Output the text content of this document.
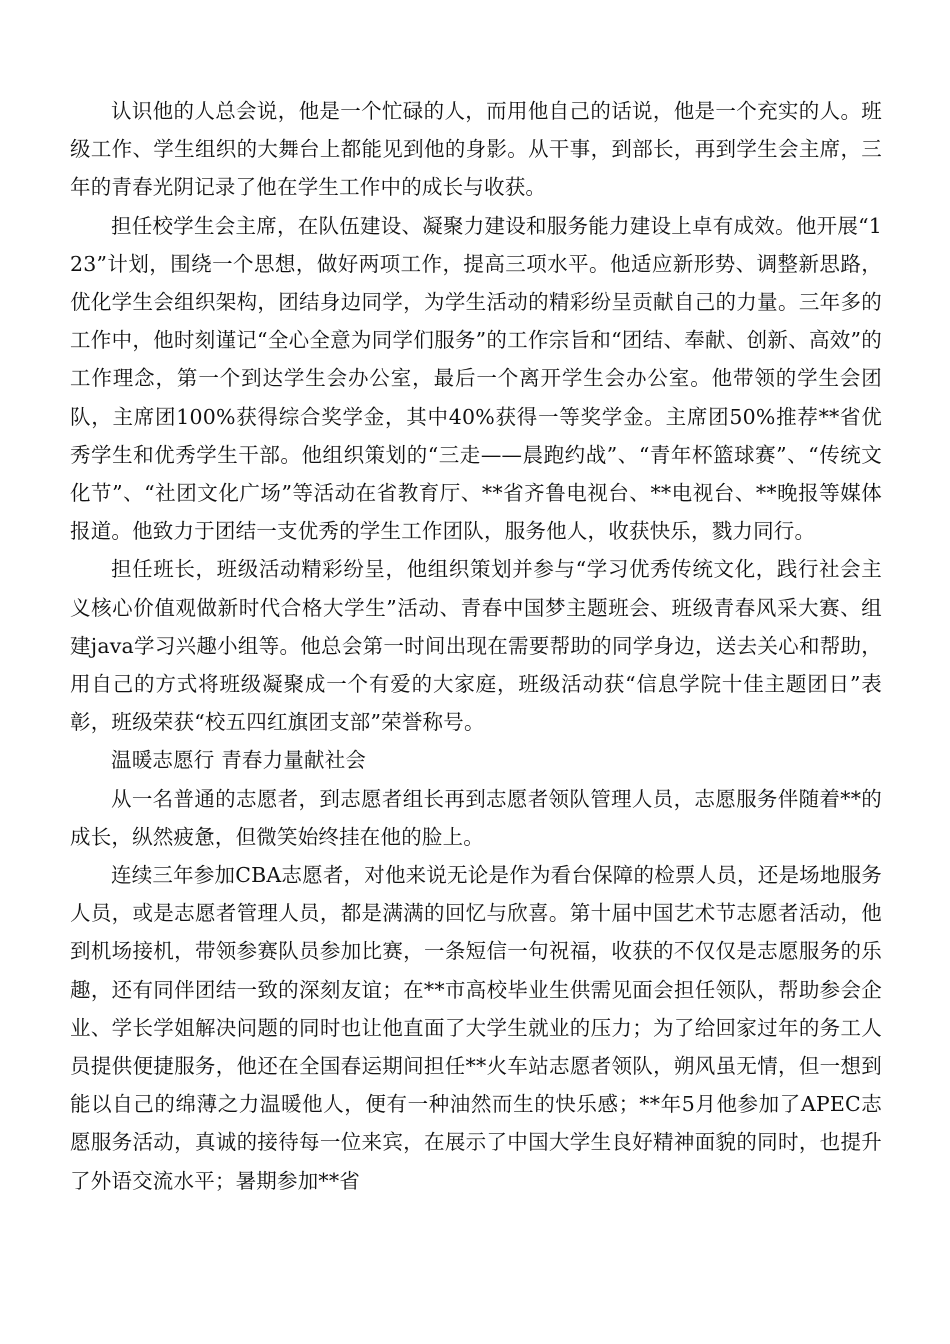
认识他的人总会说，他是一个忙碌的人，而用他自己的话说，他是一个充实的人。班级工作、学生组织的大舞台上都能见到他的身影。从干事，到部长，再到学生会主席，三年的青春光阴记录了他在学生工作中的成长与收获。

担任校学生会主席，在队伍建设、凝聚力建设和服务能力建设上卓有成效。他开展“123”计划，围绕一个思想，做好两项工作，提高三项水平。他适应新形势、调整新思路，优化学生会组织架构，团结身边同学，为学生活动的精彩纷呈贡献自己的力量。三年多的工作中，他时刻谨记“全心全意为同学们服务”的工作宗旨和“团结、奉献、创新、高效”的工作理念，第一个到达学生会办公室，最后一个离开学生会办公室。他带领的学生会团队，主席团100%获得综合奖学金，其中40%获得一等奖学金。主席团50%推荐**省优秀学生和优秀学生干部。他组织策划的“三走——晨跑约战”、“青年杯篮球赛”、“传统文化节”、“社团文化广场”等活动在省教育厅、**省齐鲁电视台、**电视台、**晚报等媒体报道。他致力于团结一支优秀的学生工作团队，服务他人，收获快乐，戮力同行。

担任班长，班级活动精彩纷呈，他组织策划并参与“学习优秀传统文化，践行社会主义核心价值观做新时代合格大学生”活动、青春中国梦主题班会、班级青春风采大赛、组建java学习兴趣小组等。他总会第一时间出现在需要帮助的同学身边，送去关心和帮助，用自己的方式将班级凝聚成一个有爱的大家庭，班级活动获“信息学院十佳主题团日”表彰，班级荣获“校五四红旗团支部”荣誉称号。

温暖志愿行 青春力量献社会

从一名普通的志愿者，到志愿者组长再到志愿者领队管理人员，志愿服务伴随着**的成长，纵然疲惫，但微笑始终挂在他的脸上。

连续三年参加CBA志愿者，对他来说无论是作为看台保障的检票人员，还是场地服务人员，或是志愿者管理人员，都是满满的回忆与欣喜。第十届中国艺术节志愿者活动，他到机场接机，带领参赛队员参加比赛，一条短信一句祝福，收获的不仅仅是志愿服务的乐趣，还有同伴团结一致的深刻友谊；在**市高校毕业生供需见面会担任领队，帮助参会企业、学长学姐解决问题的同时也让他直面了大学生就业的压力；为了给回家过年的务工人员提供便捷服务，他还在全国春运期间担任**火车站志愿者领队，朔风虽无情，但一想到能以自己的绵薄之力温暖他人，便有一种油然而生的快乐感；**年5月他参加了APEC志愿服务活动，真诚的接待每一位来宾，在展示了中国大学生良好精神面貌的同时，也提升了外语交流水平；暑期参加**省
